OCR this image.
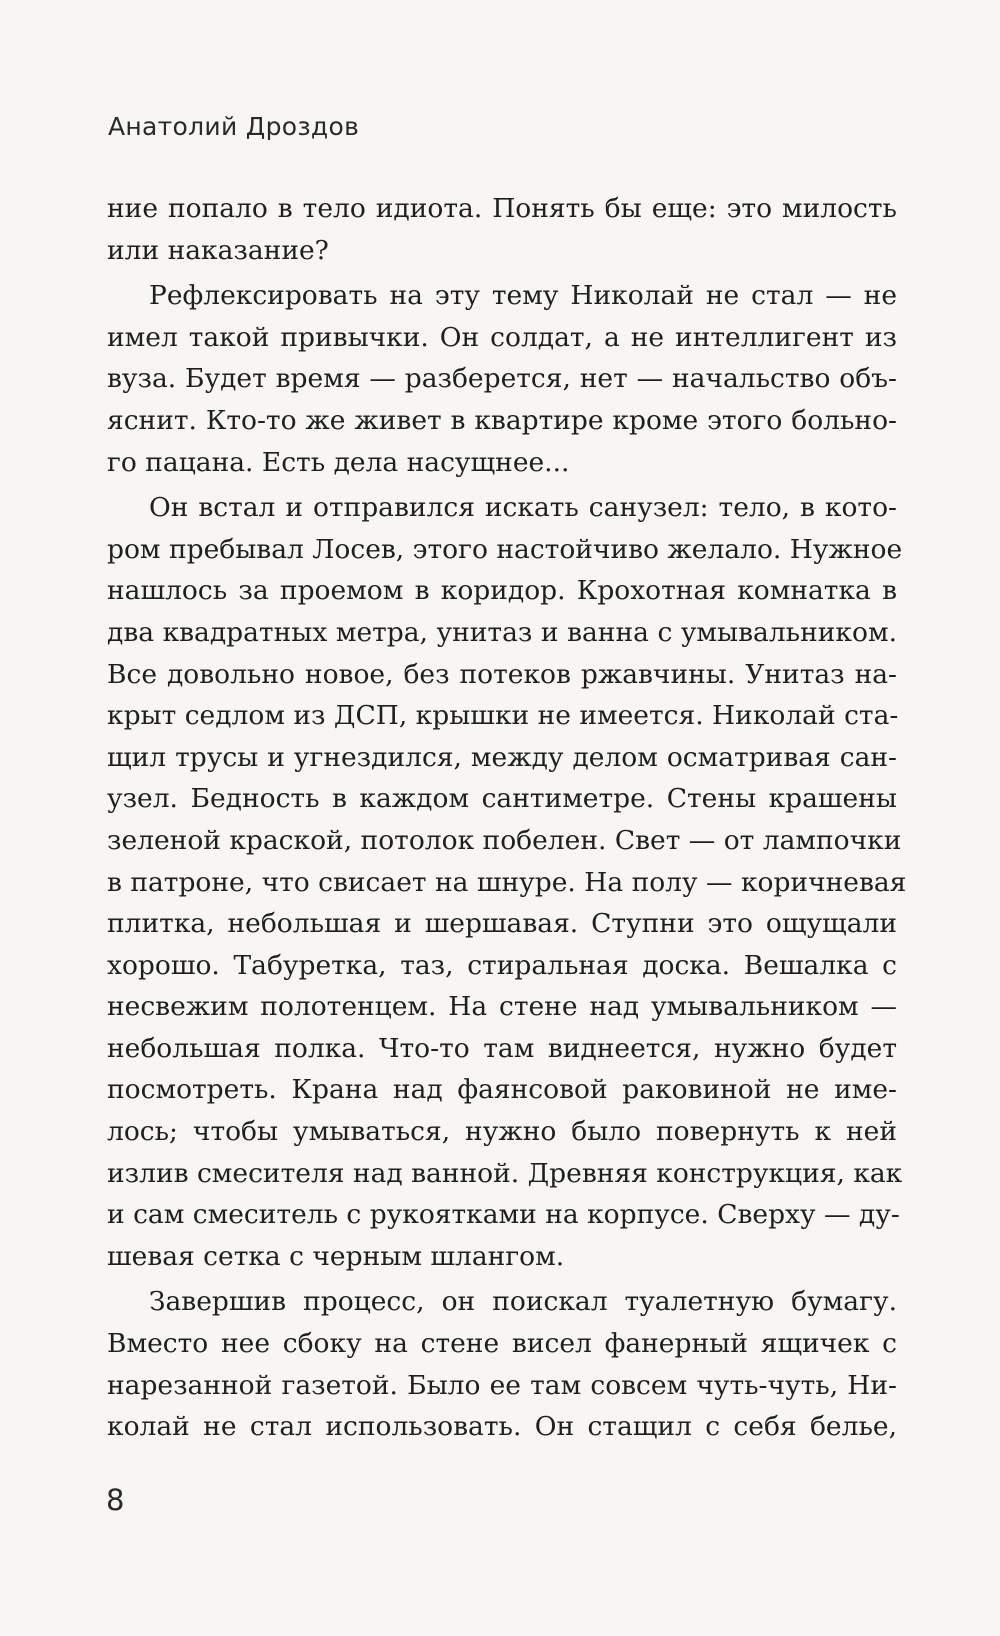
Анатолий Дроздов
ние попало в тело идиота. Понять бы еще: это милость
или наказание?
Рефлексировать на эту тему Николай не стал — не
имел такой привычки. Он солдат, а не интеллигент из
вуза. Будет время — разберется, нет — начальство объ-
яснит. Кто-то же живет в квартире кроме этого больно-
го пацана. Есть дела насущнее...
Он встал и отправился искать санузел: тело, в кото-
ром пребывал Лосев, этого настойчиво желало. Нужное
нашлось за проемом в коридор. Крохотная комнатка в
два квадратных метра, унитаз и ванна с умывальником.
Все довольно новое, без потеков ржавчины. Унитаз на-
крыт седлом из ДСП, крышки не имеется. Николай ста-
щил трусы и угнездился, между делом осматривая сан-
узел. Бедность в каждом сантиметре. Стены крашены
зеленой краской, потолок побелен. Свет — от лампочки
в патроне, что свисает на шнуре. На полу — коричневая
плитка, небольшая и шершавая. Ступни это ощущали
хорошо. Табуретка, таз, стиральная доска. Вешалка с
несвежим полотенцем. На стене над умывальником —
небольшая полка. Что-то там виднеется, нужно будет
посмотреть. Крана над фаянсовой раковиной не име-
лось; чтобы умываться, нужно было повернуть к ней
излив смесителя над ванной. Древняя конструкция, как
и сам смеситель с рукоятками на корпусе. Сверху — ду-
шевая сетка с черным шлангом.
Завершив процесс, он поискал туалетную бумагу.
Вместо нее сбоку на стене висел фанерный ящичек с
нарезанной газетой. Было ее там совсем чуть-чуть, Ни-
колай не стал использовать. Он стащил с себя белье,
8
